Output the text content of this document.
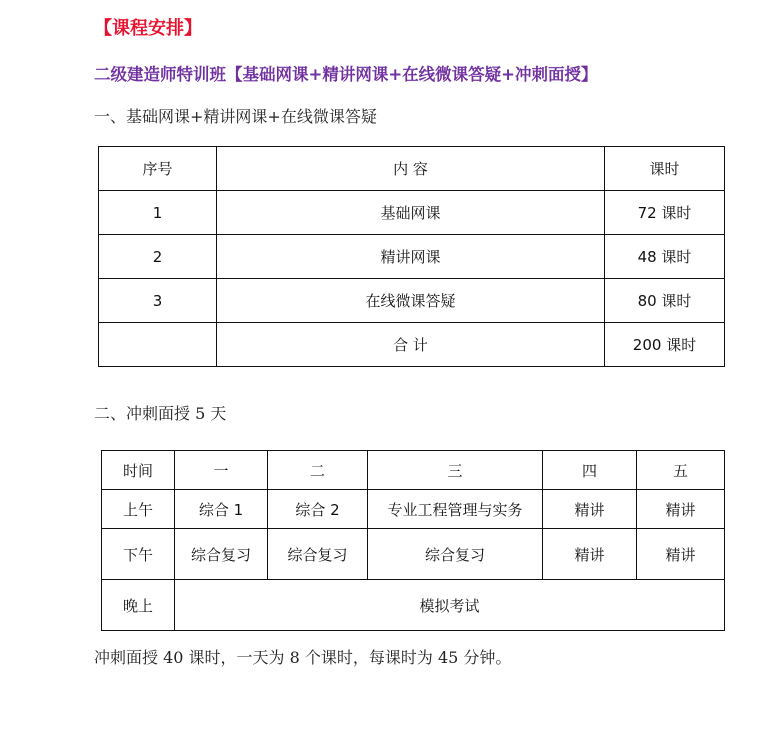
【课程安排】
二级建造师特训班【基础网课+精讲网课+在线微课答疑+冲刺面授】
一、基础网课+精讲网课+在线微课答疑
序号	内 容	课时
1	基础网课	72 课时
2	精讲网课	48 课时
3	在线微课答疑	80 课时
	合 计	200 课时
二、冲刺面授 5 天
时间	一	二	三	四	五
上午	综合 1	综合 2	专业工程管理与实务	精讲	精讲
下午	综合复习	综合复习	综合复习	精讲	精讲
晚上	模拟考试				
冲刺面授 40 课时，一天为 8 个课时，每课时为 45 分钟。
